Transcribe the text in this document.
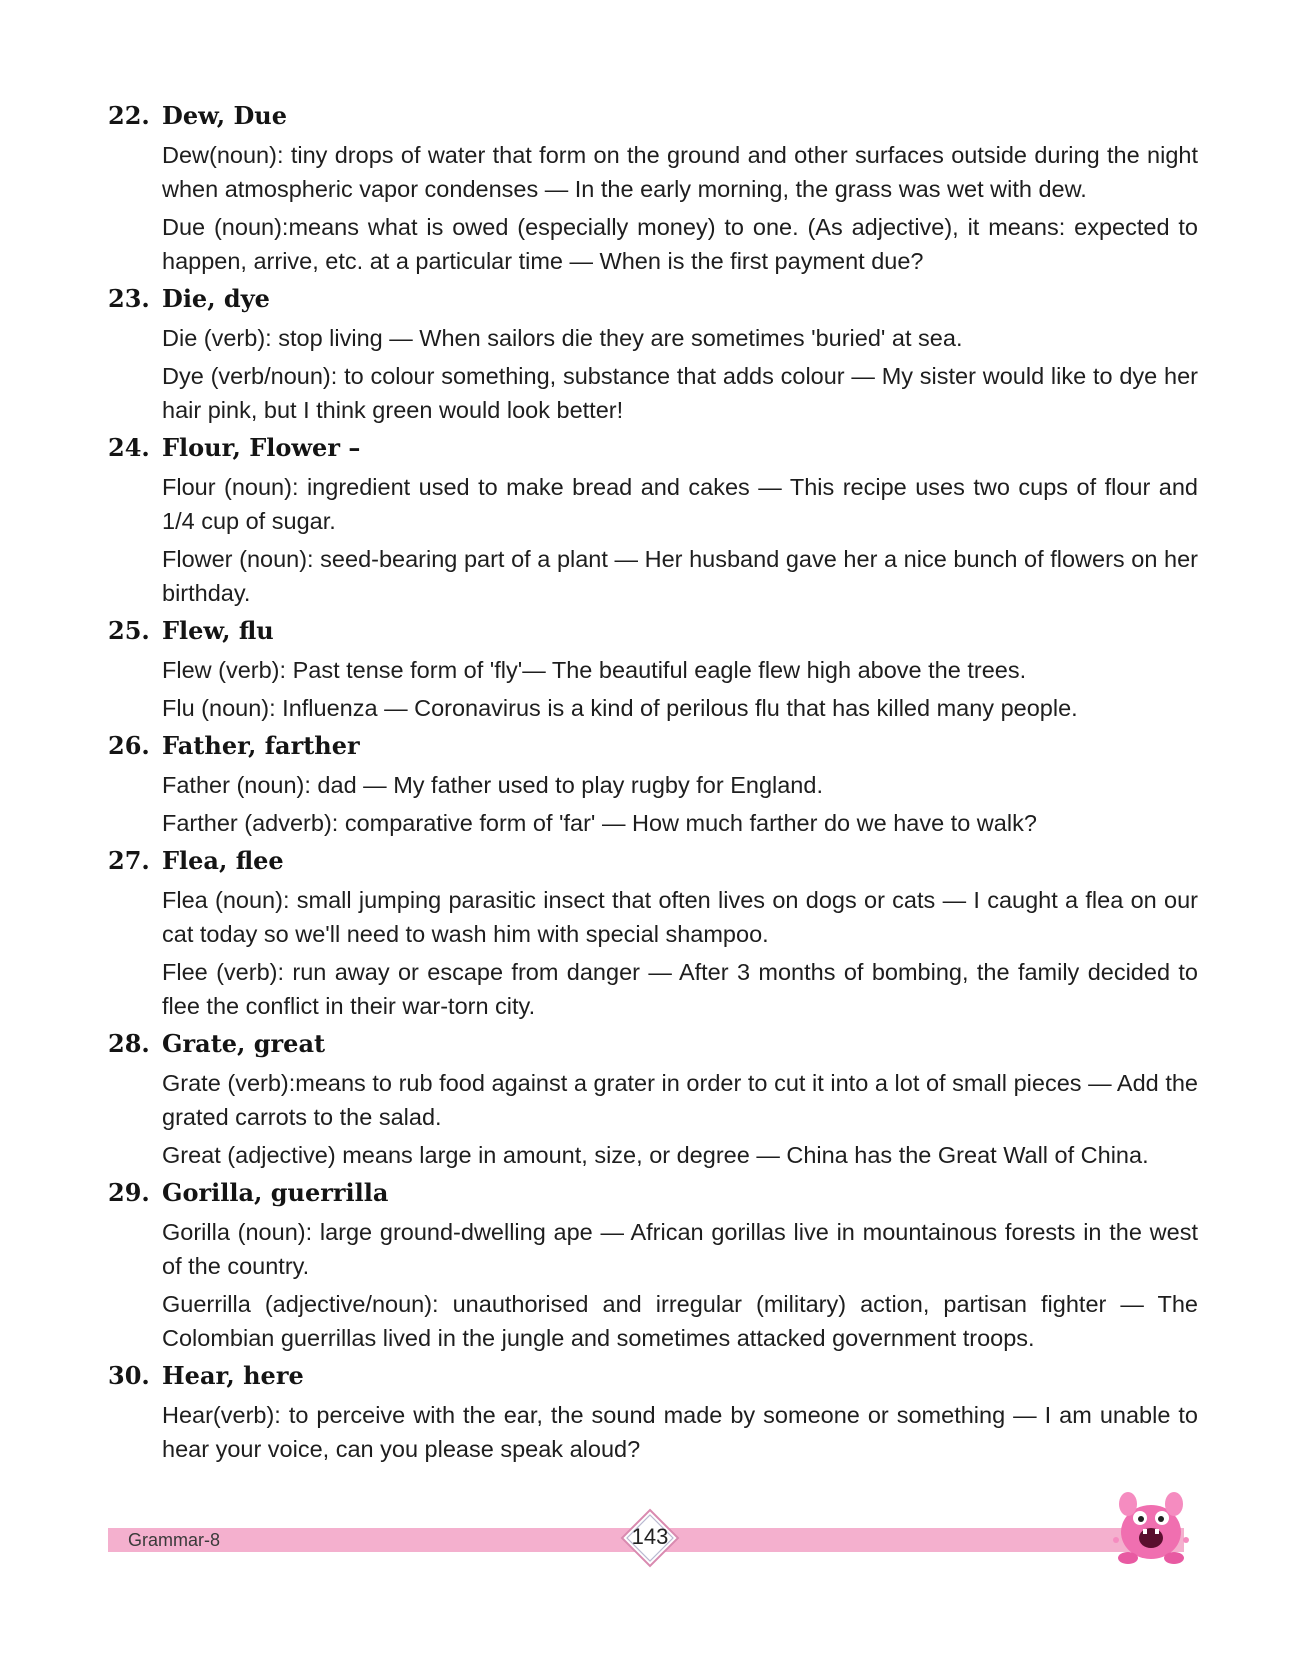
22. Dew, Due
Dew(noun): tiny drops of water that form on the ground and other surfaces outside during the night when atmospheric vapor condenses — In the early morning, the grass was wet with dew.
Due (noun):means what is owed (especially money) to one. (As adjective), it means: expected to happen, arrive, etc. at a particular time — When is the first payment due?
23. Die, dye
Die (verb): stop living — When sailors die they are sometimes 'buried' at sea.
Dye (verb/noun): to colour something, substance that adds colour — My sister would like to dye her hair pink, but I think green would look better!
24. Flour, Flower –
Flour (noun): ingredient used to make bread and cakes — This recipe uses two cups of flour and 1/4 cup of sugar.
Flower (noun): seed-bearing part of a plant — Her husband gave her a nice bunch of flowers on her birthday.
25. Flew, flu
Flew (verb): Past tense form of 'fly'— The beautiful eagle flew high above the trees.
Flu (noun): Influenza — Coronavirus is a kind of perilous flu that has killed many people.
26. Father, farther
Father (noun): dad — My father used to play rugby for England.
Farther (adverb): comparative form of 'far' — How much farther do we have to walk?
27. Flea, flee
Flea (noun): small jumping parasitic insect that often lives on dogs or cats — I caught a flea on our cat today so we'll need to wash him with special shampoo.
Flee (verb): run away or escape from danger — After 3 months of bombing, the family decided to flee the conflict in their war-torn city.
28. Grate, great
Grate (verb):means to rub food against a grater in order to cut it into a lot of small pieces — Add the grated carrots to the salad.
Great (adjective) means large in amount, size, or degree — China has the Great Wall of China.
29. Gorilla, guerrilla
Gorilla (noun): large ground-dwelling ape — African gorillas live in mountainous forests in the west of the country.
Guerrilla (adjective/noun): unauthorised and irregular (military) action, partisan fighter — The Colombian guerrillas lived in the jungle and sometimes attacked government troops.
30. Hear, here
Hear(verb): to perceive with the ear, the sound made by someone or something — I am unable to hear your voice, can you please speak aloud?
Grammar-8	143
